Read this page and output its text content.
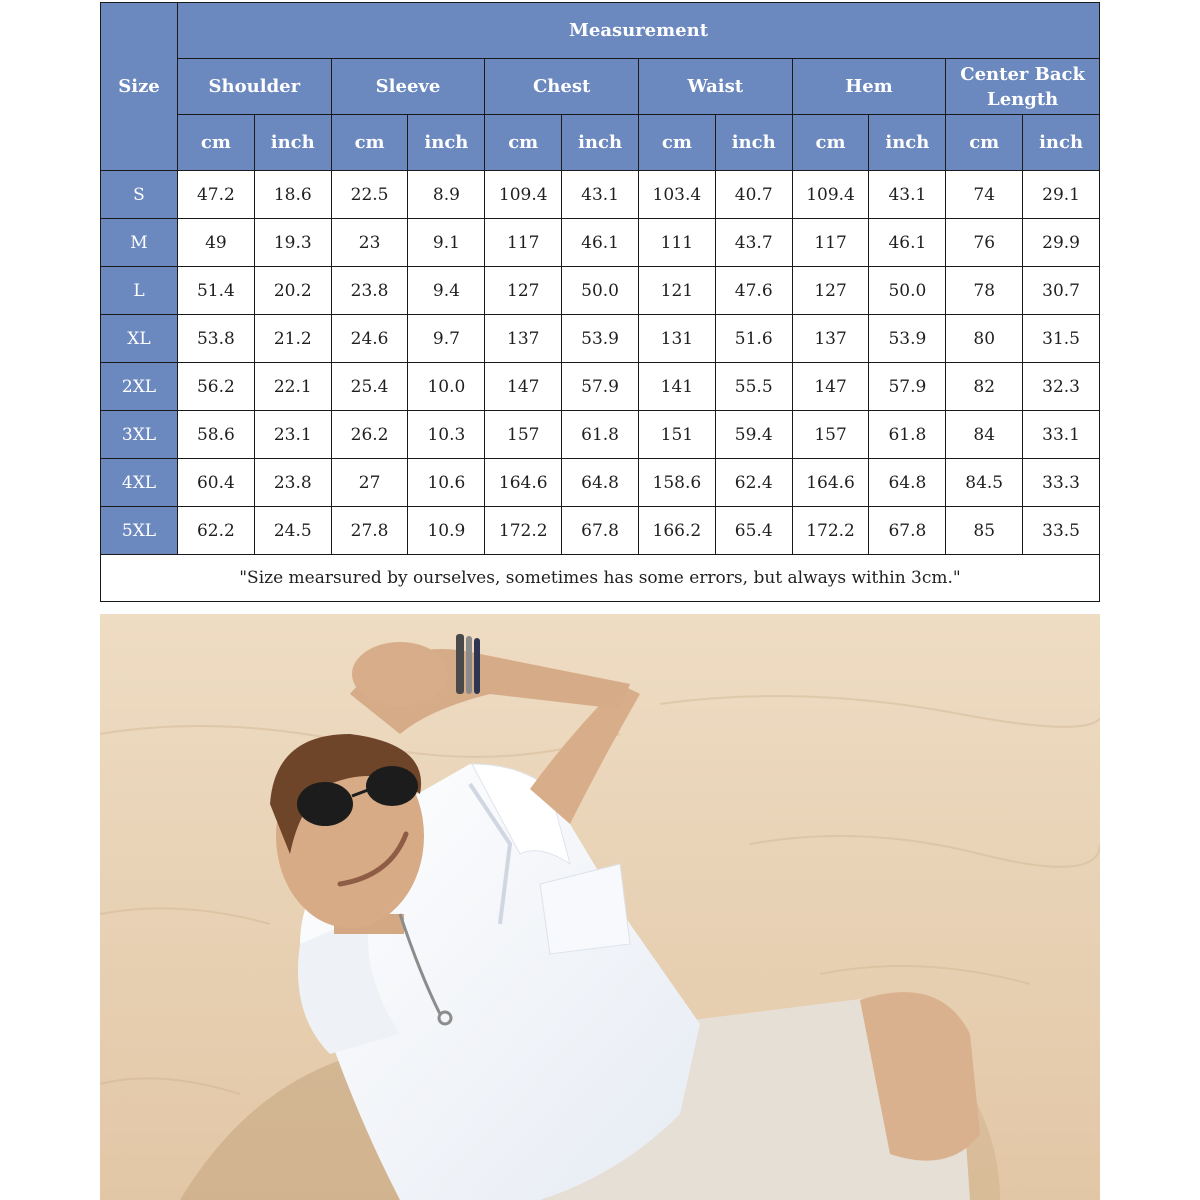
Size	Measurement											
	Shoulder		Sleeve		Chest		Waist		Hem		Center Back Length	
	cm	inch	cm	inch	cm	inch	cm	inch	cm	inch	cm	inch
S	47.2	18.6	22.5	8.9	109.4	43.1	103.4	40.7	109.4	43.1	74	29.1
M	49	19.3	23	9.1	117	46.1	111	43.7	117	46.1	76	29.9
L	51.4	20.2	23.8	9.4	127	50.0	121	47.6	127	50.0	78	30.7
XL	53.8	21.2	24.6	9.7	137	53.9	131	51.6	137	53.9	80	31.5
2XL	56.2	22.1	25.4	10.0	147	57.9	141	55.5	147	57.9	82	32.3
3XL	58.6	23.1	26.2	10.3	157	61.8	151	59.4	157	61.8	84	33.1
4XL	60.4	23.8	27	10.6	164.6	64.8	158.6	62.4	164.6	64.8	84.5	33.3
5XL	62.2	24.5	27.8	10.9	172.2	67.8	166.2	65.4	172.2	67.8	85	33.5
"Size mearsured by ourselves, sometimes has some errors, but always within 3cm."												
